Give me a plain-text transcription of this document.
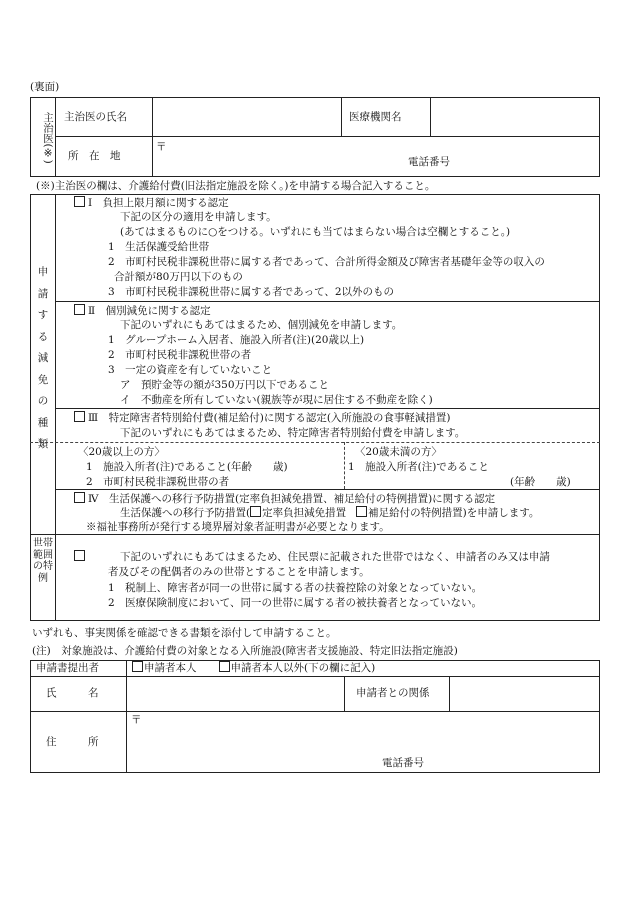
(裏面)
主治医(※) 主治医の氏名	医療機関名
所　在　地
〒
電話番号
(※)主治医の欄は、介護給付費(旧法指定施設を除く。)を申請する場合記入すること。
申請する減免の種類
Ⅰ　負担上限月額に関する認定
下記の区分の適用を申請します。
(あてはまるものに○をつける。いずれにも当てはまらない場合は空欄とすること。)
1　生活保護受給世帯
2　市町村民税非課税世帯に属する者であって、合計所得金額及び障害者基礎年金等の収入の
合計額が80万円以下のもの
3　市町村民税非課税世帯に属する者であって、2以外のもの
Ⅱ　個別減免に関する認定
下記のいずれにもあてはまるため、個別減免を申請します。
1　グループホーム入居者、施設入所者(注)(20歳以上)
2　市町村民税非課税世帯の者
3　一定の資産を有していないこと
ア　預貯金等の額が350万円以下であること
イ　不動産を所有していない(親族等が現に居住する不動産を除く)
Ⅲ　特定障害者特別給付費(補足給付)に関する認定(入所施設の食事軽減措置)
下記のいずれにもあてはまるため、特定障害者特別給付費を申請します。
〈20歳以上の方〉
1　施設入所者(注)であること(年齢　　歳)
2　市町村民税非課税世帯の者
〈20歳未満の方〉
1　施設入所者(注)であること
(年齢　　歳)
Ⅳ　生活保護への移行予防措置(定率負担減免措置、補足給付の特例措置)に関する認定
生活保護への移行予防措置( 定率負担減免措置 補足給付の特例措置)を申請します。
※福祉事務所が発行する境界層対象者証明書が必要となります。
世帯範囲の特例
下記のいずれにもあてはまるため、住民票に記載された世帯ではなく、申請者のみ又は申請
者及びその配偶者のみの世帯とすることを申請します。
1　税制上、障害者が同一の世帯に属する者の扶養控除の対象となっていない。
2　医療保険制度において、同一の世帯に属する者の被扶養者となっていない。
いずれも、事実関係を確認できる書類を添付して申請すること。
(注)　対象施設は、介護給付費の対象となる入所施設(障害者支援施設、特定旧法指定施設)
申請書提出者	申請者本人	申請者本人以外(下の欄に記入)
氏　　　名	申請者との関係
住　　　所
〒
電話番号
